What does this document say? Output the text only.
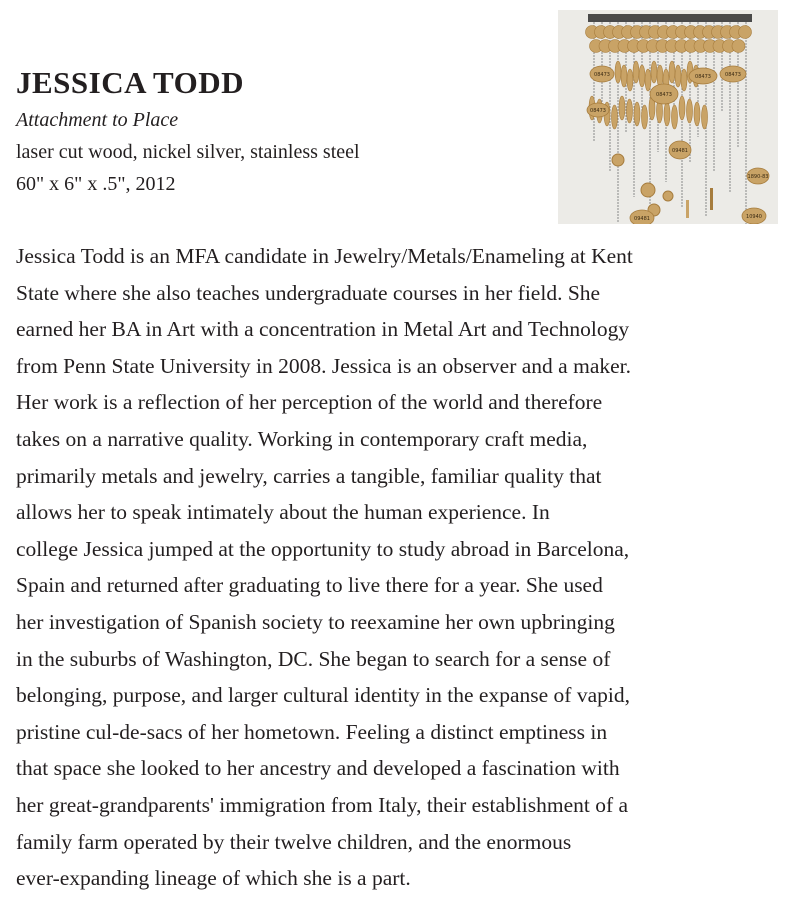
JESSICA TODD

Attachment to Place

laser cut wood, nickel silver, stainless steel

60" x 6" x .5", 2012

08473	08473	08473
08473
08473
09481
1890-83
09481	10940

Jessica Todd is an MFA candidate in Jewelry/Metals/Enameling at Kent

State where she also teaches undergraduate courses in her field. She

earned her BA in Art with a concentration in Metal Art and Technology

from Penn State University in 2008. Jessica is an observer and a maker.

Her work is a reflection of her perception of the world and therefore

takes on a narrative quality. Working in contemporary craft media,

primarily metals and jewelry, carries a tangible, familiar quality that

allows her to speak intimately about the human experience. In

college Jessica jumped at the opportunity to study abroad in Barcelona,

Spain and returned after graduating to live there for a year. She used

her investigation of Spanish society to reexamine her own upbringing

in the suburbs of Washington, DC. She began to search for a sense of

belonging, purpose, and larger cultural identity in the expanse of vapid,

pristine cul-de-sacs of her hometown. Feeling a distinct emptiness in

that space she looked to her ancestry and developed a fascination with

her great-grandparents' immigration from Italy, their establishment of a

family farm operated by their twelve children, and the enormous

ever-expanding lineage of which she is a part.
